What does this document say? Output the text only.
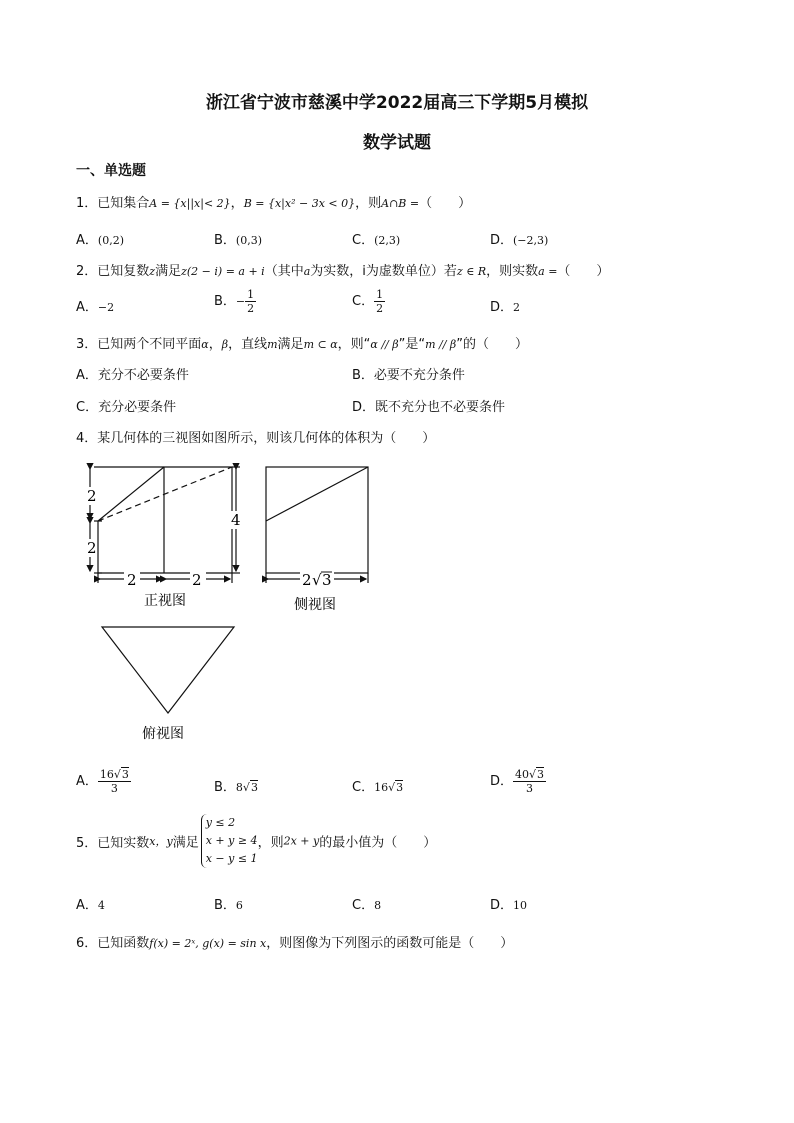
浙江省宁波市慈溪中学2022届高三下学期5月模拟
数学试题
一、单选题
1．已知集合A = {x||x|< 2}，B = {x|x² − 3x < 0}，则A∩B =（　　）
A．(0,2)	B．(0,3)	C．(2,3)	D．(−2,3)
2．已知复数z满足z(2 − i) = a + i（其中a为实数，i为虚数单位）若z ∈ R，则实数a =（　　）
A．−2	B．− $\frac{1}{2}$	C． $\frac{1}{2}$	D．2
3．已知两个不同平面α，β，直线m满足m ⊂ α，则“α // β”是“m // β”的（　　）
A．充分不必要条件	B．必要不充分条件
C．充分必要条件	D．既不充分也不必要条件
4．某几何体的三视图如图所示，则该几何体的体积为（　　）
2
2
4
2	2
正视图
2 √ 3
侧视图
俯视图
A． $\frac{16√3}{3}$	B．8√3	C．16√3	D． $\frac{40√3}{3}$
5．已知实数x，y满足
y ≤ 2
x + y ≥ 4
x − y ≤ 1
，则2x + y的最小值为（　　）
A．4	B．6	C．8	D．10
6．已知函数f(x) = 2ˣ, g(x) = sin x，则图像为下列图示的函数可能是（　　）
